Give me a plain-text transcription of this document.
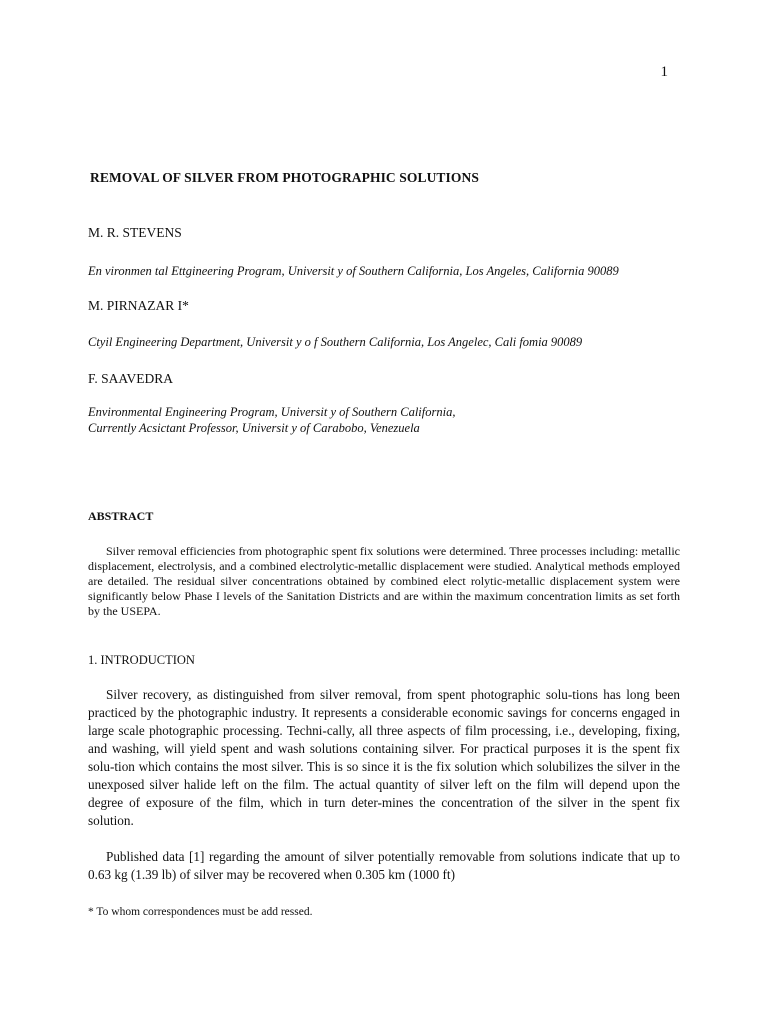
1
REMOVAL OF SILVER FROM PHOTOGRAPHIC SOLUTIONS
M. R. STEVENS
En vironmen tal Ettgineering Program, Universit y of Southern California, Los Angeles, California 90089
M. PIRNAZAR I*
Ctyil Engineering Department, Universit y o f Southern California, Los Angelec, Cali fomia 90089
F. SAAVEDRA
Environmental Engineering Program, Universit y of Southern California,
Currently Acsictant Professor, Universit y of Carabobo, Venezuela
ABSTRACT

Silver removal efficiencies from photographic spent fix solutions were determined. Three processes including: metallic displacement, electrolysis, and a combined electrolytic-metallic displacement were studied. Analytical methods employed are detailed. The residual silver concentrations obtained by combined elect rolytic-metallic displacement system were significantly below Phase I levels of the Sanitation Districts and are within the maximum concentration limits as set forth by the USEPA.

1. INTRODUCTION

Silver recovery, as distinguished from silver removal, from spent photographic solu-tions has long been practiced by the photographic industry. It represents a considerable economic savings for concerns engaged in large scale photographic processing. Techni-cally, all three aspects of film processing, i.e., developing, fixing, and washing, will yield spent and wash solutions containing silver. For practical purposes it is the spent fix solu-tion which contains the most silver. This is so since it is the fix solution which solubilizes the silver in the unexposed silver halide left on the film. The actual quantity of silver left on the film will depend upon the degree of exposure of the film, which in turn deter-mines the concentration of the silver in the spent fix solution.

Published data [1] regarding the amount of silver potentially removable from solutions indicate that up to 0.63 kg (1.39 lb) of silver may be recovered when 0.305 km (1000 ft)

* To whom correspondences must be add ressed.
